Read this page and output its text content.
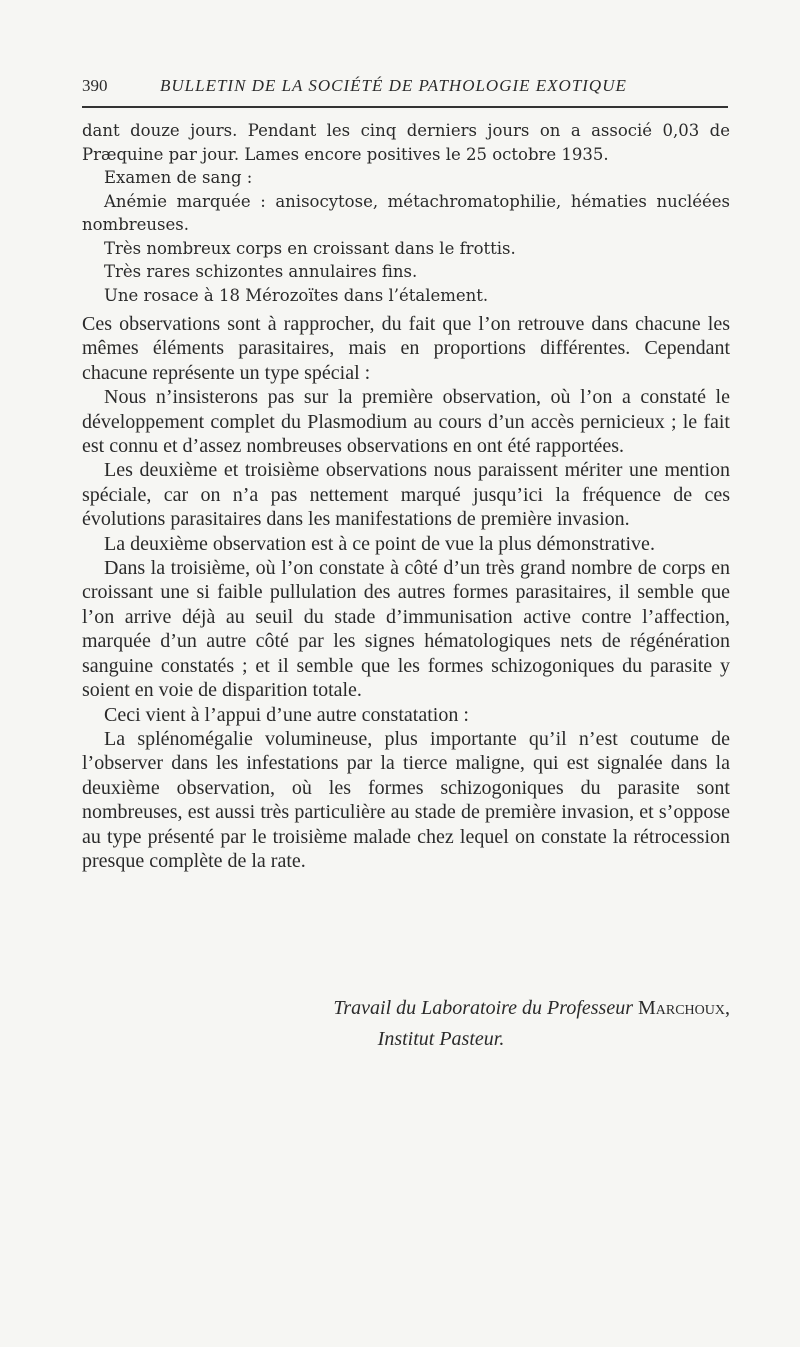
390	BULLETIN DE LA SOCIÉTÉ DE PATHOLOGIE EXOTIQUE

dant douze jours. Pendant les cinq derniers jours on a associé 0,03 de Præquine par jour. Lames encore positives le 25 octobre 1935.

Examen de sang :

Anémie marquée : anisocytose, métachromatophilie, hématies nucléées nombreuses.

Très nombreux corps en croissant dans le frottis.

Très rares schizontes annulaires fins.

Une rosace à 18 Mérozoïtes dans l’étalement.

Ces observations sont à rapprocher, du fait que l’on retrouve dans chacune les mêmes éléments parasitaires, mais en proportions différentes. Cependant chacune représente un type spécial :

Nous n’insisterons pas sur la première observation, où l’on a constaté le développement complet du Plasmodium au cours d’un accès pernicieux ; le fait est connu et d’assez nombreuses observations en ont été rapportées.

Les deuxième et troisième observations nous paraissent mériter une mention spéciale, car on n’a pas nettement marqué jusqu’ici la fréquence de ces évolutions parasitaires dans les manifestations de première invasion.

La deuxième observation est à ce point de vue la plus démonstrative.

Dans la troisième, où l’on constate à côté d’un très grand nombre de corps en croissant une si faible pullulation des autres formes parasitaires, il semble que l’on arrive déjà au seuil du stade d’immunisation active contre l’affection, marquée d’un autre côté par les signes hématologiques nets de régénération sanguine constatés ; et il semble que les formes schizogoniques du parasite y soient en voie de disparition totale.

Ceci vient à l’appui d’une autre constatation :

La splénomégalie volumineuse, plus importante qu’il n’est coutume de l’observer dans les infestations par la tierce maligne, qui est signalée dans la deuxième observation, où les formes schizogoniques du parasite sont nombreuses, est aussi très particulière au stade de première invasion, et s’oppose au type présenté par le troisième malade chez lequel on constate la rétrocession presque complète de la rate.

Travail du Laboratoire du Professeur Marchoux,
Institut Pasteur.
